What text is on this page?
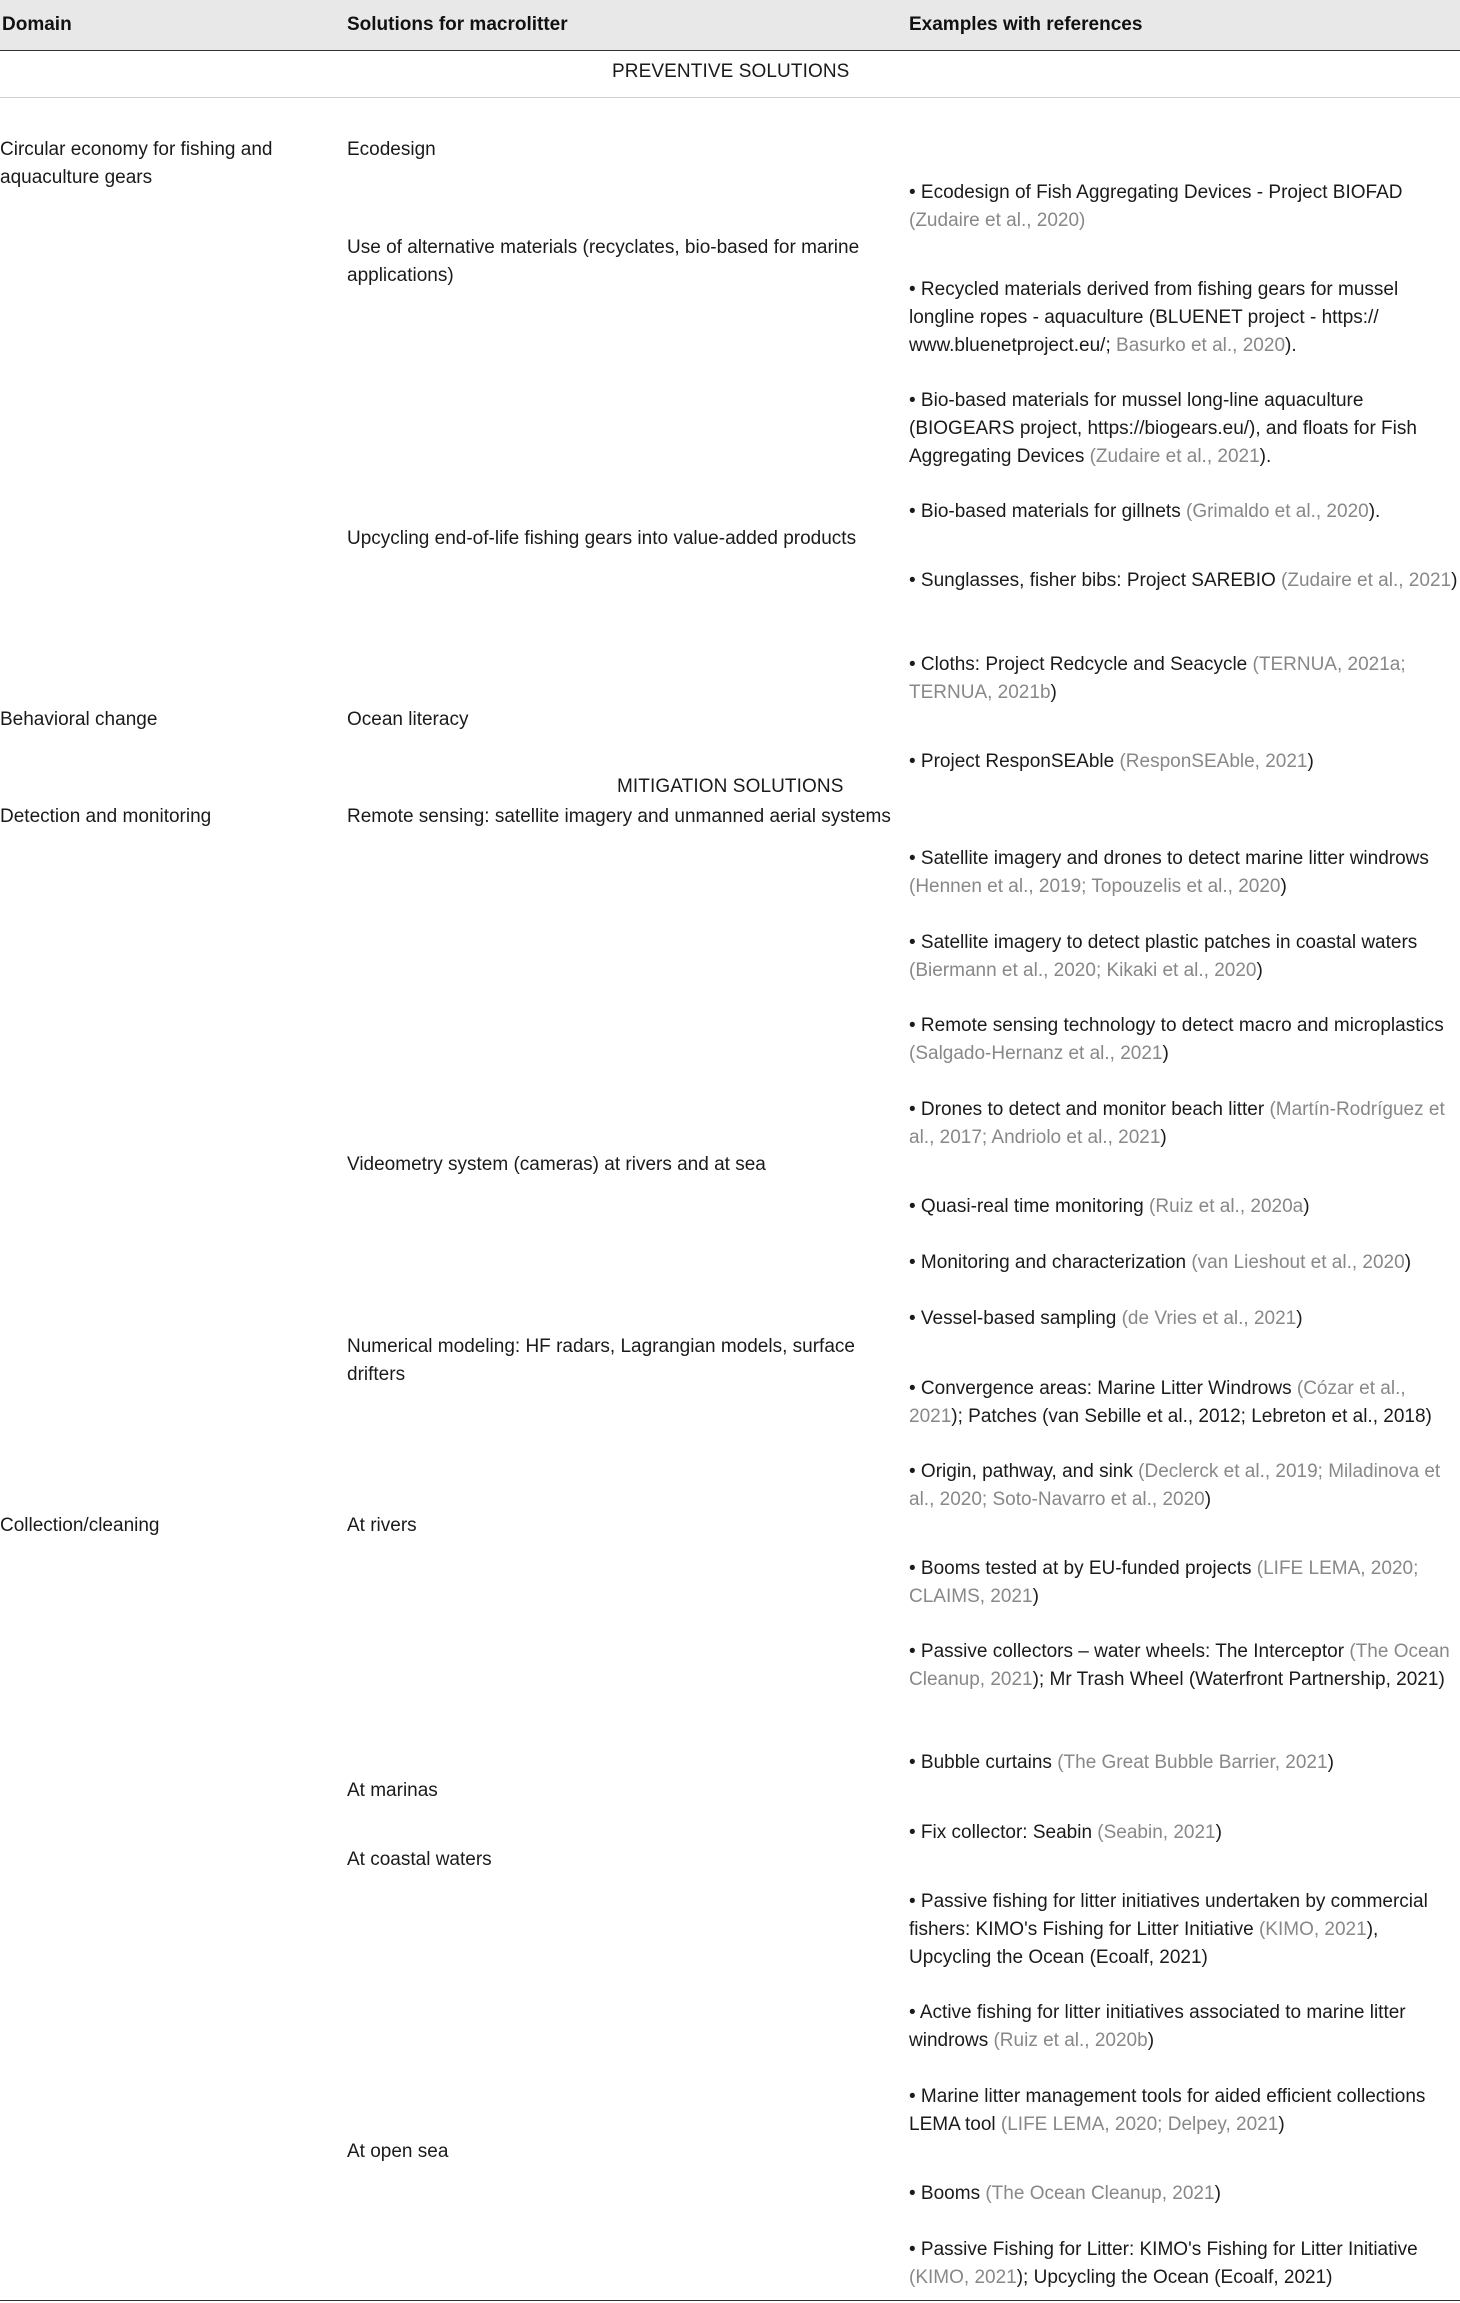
Domain	Solutions for macrolitter	Examples with references
PREVENTIVE SOLUTIONS
Circular economy for fishing and aquaculture gears
Behavioral change
Detection and monitoring
Collection/cleaning
Ecodesign
Use of alternative materials (recyclates, bio-based for marine applications)
Upcycling end-of-life fishing gears into value-added products
Ocean literacy
MITIGATION SOLUTIONS
Remote sensing: satellite imagery and unmanned aerial systems
Videometry system (cameras) at rivers and at sea
Numerical modeling: HF radars, Lagrangian models, surface drifters
At rivers
At marinas
At coastal waters
At open sea
• Ecodesign of Fish Aggregating Devices - Project BIOFAD (Zudaire et al., 2020)
• Recycled materials derived from fishing gears for mussel longline ropes - aquaculture (BLUENET project - https:// www.bluenetproject.eu/; Basurko et al., 2020).
• Bio-based materials for mussel long-line aquaculture (BIOGEARS project, https://biogears.eu/), and floats for Fish Aggregating Devices (Zudaire et al., 2021).
• Bio-based materials for gillnets (Grimaldo et al., 2020).
• Sunglasses, fisher bibs: Project SAREBIO (Zudaire et al., 2021)
• Cloths: Project Redcycle and Seacycle (TERNUA, 2021a; TERNUA, 2021b)
• Project ResponSEAble (ResponSEAble, 2021)
• Satellite imagery and drones to detect marine litter windrows (Hennen et al., 2019; Topouzelis et al., 2020)
• Satellite imagery to detect plastic patches in coastal waters (Biermann et al., 2020; Kikaki et al., 2020)
• Remote sensing technology to detect macro and microplastics (Salgado-Hernanz et al., 2021)
• Drones to detect and monitor beach litter (Martín-Rodríguez et al., 2017; Andriolo et al., 2021)
• Quasi-real time monitoring (Ruiz et al., 2020a)
• Monitoring and characterization (van Lieshout et al., 2020)
• Vessel-based sampling (de Vries et al., 2021)
• Convergence areas: Marine Litter Windrows (Cózar et al., 2021); Patches (van Sebille et al., 2012; Lebreton et al., 2018)
• Origin, pathway, and sink (Declerck et al., 2019; Miladinova et al., 2020; Soto-Navarro et al., 2020)
• Booms tested at by EU-funded projects (LIFE LEMA, 2020; CLAIMS, 2021)
• Passive collectors – water wheels: The Interceptor (The Ocean Cleanup, 2021); Mr Trash Wheel (Waterfront Partnership, 2021)
• Bubble curtains (The Great Bubble Barrier, 2021)
• Fix collector: Seabin (Seabin, 2021)
• Passive fishing for litter initiatives undertaken by commercial fishers: KIMO's Fishing for Litter Initiative (KIMO, 2021), Upcycling the Ocean (Ecoalf, 2021)
• Active fishing for litter initiatives associated to marine litter windrows (Ruiz et al., 2020b)
• Marine litter management tools for aided efficient collections LEMA tool (LIFE LEMA, 2020; Delpey, 2021)
• Booms (The Ocean Cleanup, 2021)
• Passive Fishing for Litter: KIMO's Fishing for Litter Initiative (KIMO, 2021); Upcycling the Ocean (Ecoalf, 2021)
